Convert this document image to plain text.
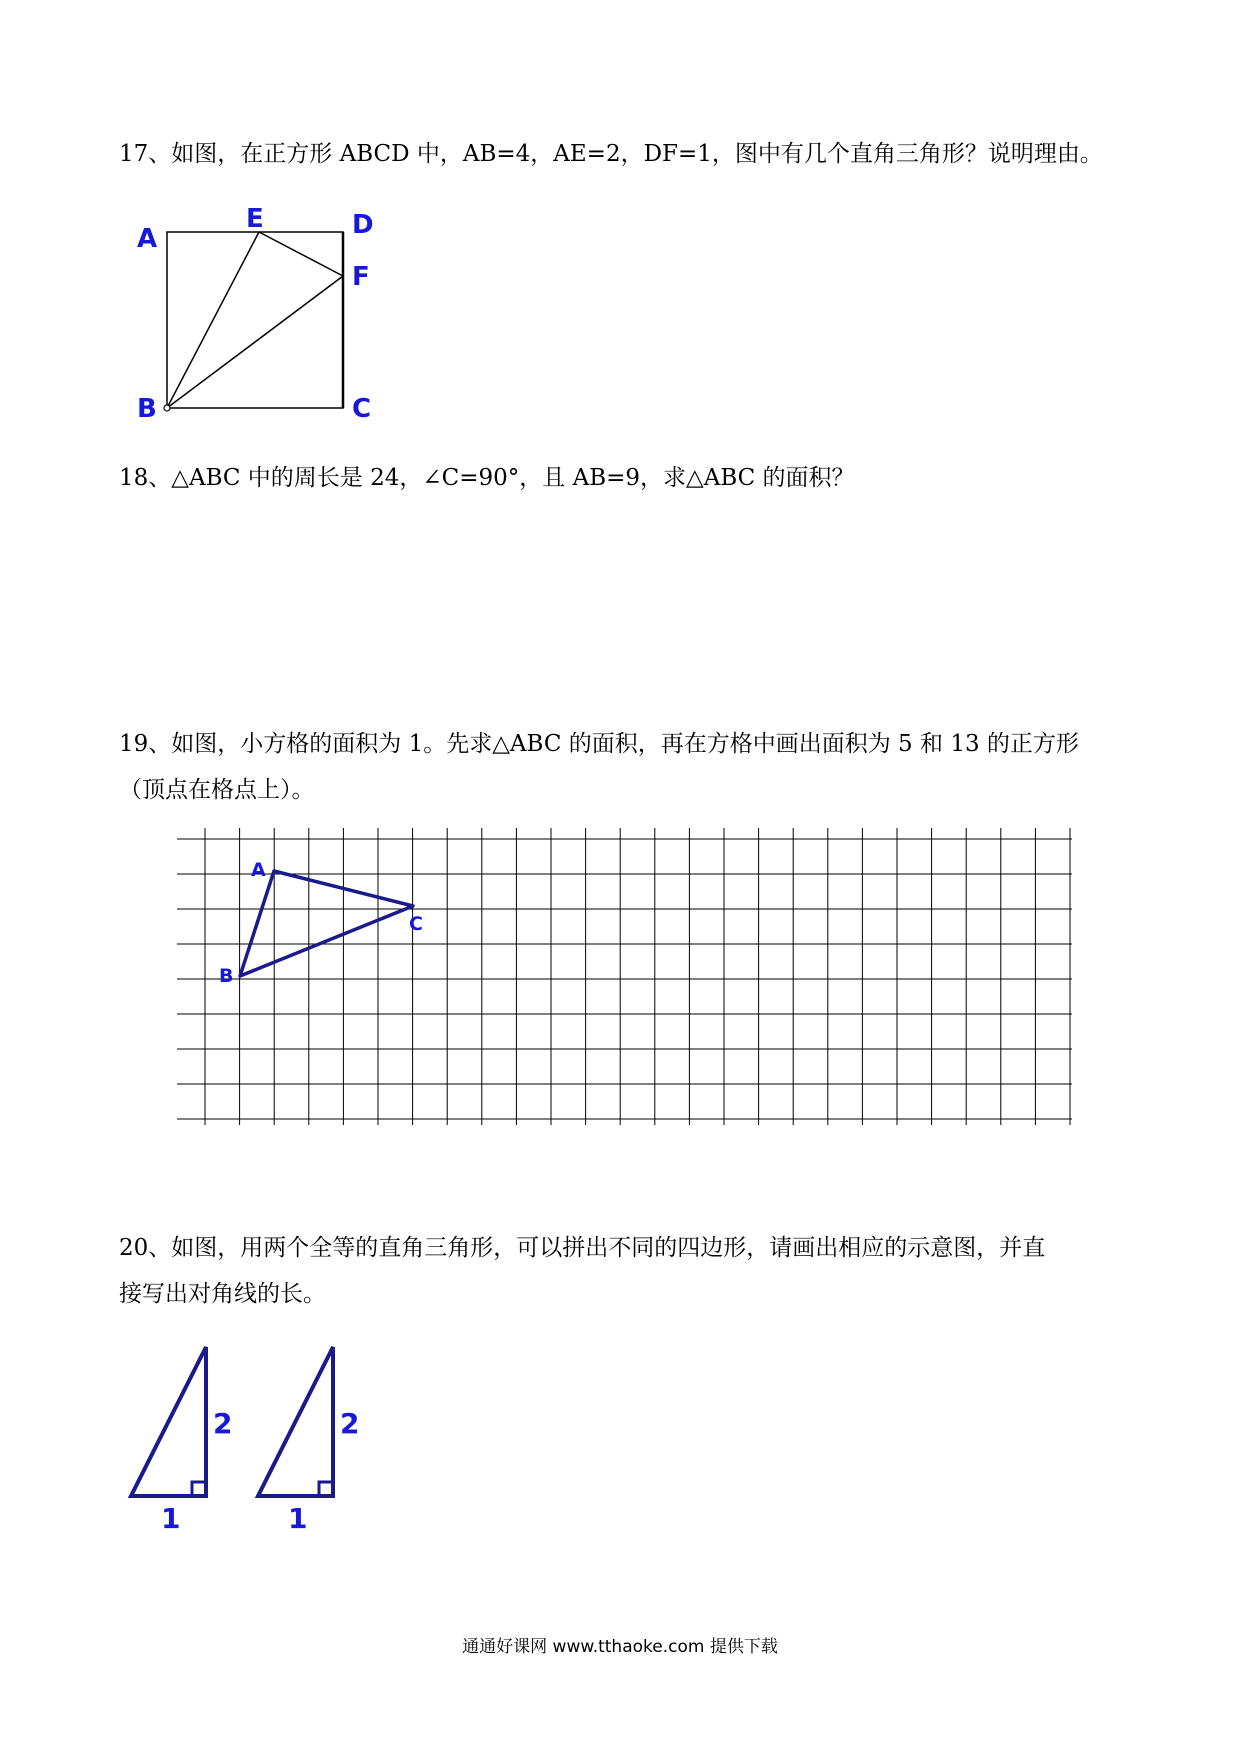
17、如图，在正方形 ABCD 中，AB=4，AE=2，DF=1，图中有几个直角三角形？说明理由。
A
E	D
F
B	C
18、△ABC 中的周长是 24，∠C=90°，且 AB=9，求△ABC 的面积？
19、如图，小方格的面积为 1。先求△ABC 的面积，再在方格中画出面积为 5 和 13 的正方形
（顶点在格点上）。
A
C
B
20、如图，用两个全等的直角三角形，可以拼出不同的四边形，请画出相应的示意图，并直
接写出对角线的长。
2
1
2
1
通通好课网 www.tthaoke.com 提供下载
